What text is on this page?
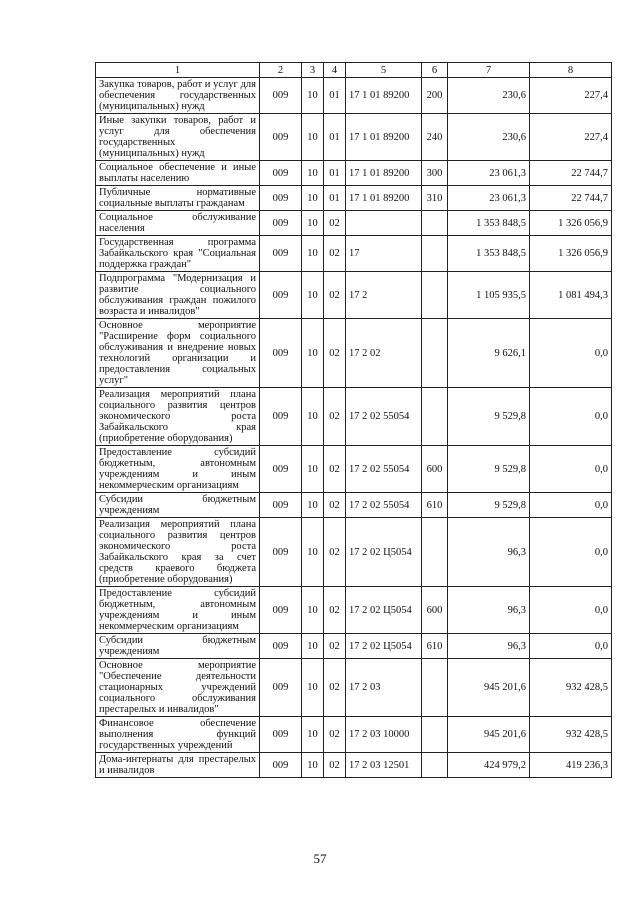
1	2	3	4	5	6	7	8
Закупка товаров, работ и услуг для обеспечения государственных (муниципальных) нужд	009	10	01	17 1 01 89200	200	230,6	227,4
Иные закупки товаров, работ и услуг для обеспечения государственных (муниципальных) нужд	009	10	01	17 1 01 89200	240	230,6	227,4
Социальное обеспечение и иные выплаты населению	009	10	01	17 1 01 89200	300	23 061,3	22 744,7
Публичные нормативные социальные выплаты гражданам	009	10	01	17 1 01 89200	310	23 061,3	22 744,7
Социальное обслуживание населения	009	10	02			1 353 848,5	1 326 056,9
Государственная программа Забайкальского края "Социальная поддержка граждан"	009	10	02	17		1 353 848,5	1 326 056,9
Подпрограмма "Модернизация и развитие социального обслуживания граждан пожилого возраста и инвалидов"	009	10	02	17 2		1 105 935,5	1 081 494,3
Основное мероприятие "Расширение форм социального обслуживания и внедрение новых технологий организации и предоставления социальных услуг"	009	10	02	17 2 02		9 626,1	0,0
Реализация мероприятий плана социального развития центров экономического роста Забайкальского края (приобретение оборудования)	009	10	02	17 2 02 55054		9 529,8	0,0
Предоставление субсидий бюджетным, автономным учреждениям и иным некоммерческим организациям	009	10	02	17 2 02 55054	600	9 529,8	0,0
Субсидии бюджетным учреждениям	009	10	02	17 2 02 55054	610	9 529,8	0,0
Реализация мероприятий плана социального развития центров экономического роста Забайкальского края за счет средств краевого бюджета (приобретение оборудования)	009	10	02	17 2 02 Ц5054		96,3	0,0
Предоставление субсидий бюджетным, автономным учреждениям и иным некоммерческим организациям	009	10	02	17 2 02 Ц5054	600	96,3	0,0
Субсидии бюджетным учреждениям	009	10	02	17 2 02 Ц5054	610	96,3	0,0
Основное мероприятие "Обеспечение деятельности стационарных учреждений социального обслуживания престарелых и инвалидов"	009	10	02	17 2 03		945 201,6	932 428,5
Финансовое обеспечение выполнения функций государственных учреждений	009	10	02	17 2 03 10000		945 201,6	932 428,5
Дома-интернаты для престарелых и инвалидов	009	10	02	17 2 03 12501		424 979,2	419 236,3
57
